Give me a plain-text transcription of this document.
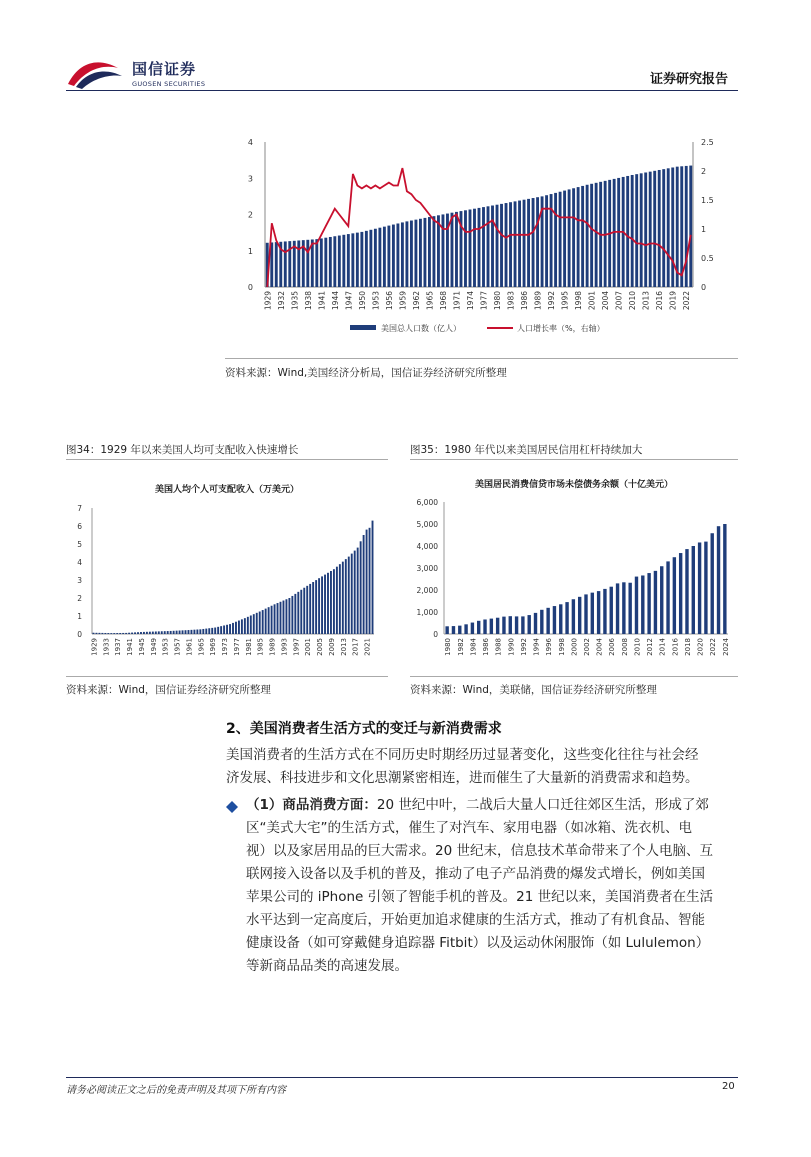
国信证券
GUOSEN SECURITIES	证券研究报告
0
1
2
3
4
0
0.5
1
1.5
2
2.5
1929 1932 1935 1938 1941 1944 1947 1950 1953 1956 1959 1962 1965 1968 1971 1974 1977 1980 1983 1986 1989 1992 1995 1998 2001 2004 2007 2010 2013 2016 2019 2022
美国总人口数（亿人）	人口增长率（%，右轴）
资料来源：Wind,美国经济分析局，国信证券经济研究所整理
图34：1929 年以来美国人均可支配收入快速增长	图35：1980 年代以来美国居民信用杠杆持续加大
美国人均个人可支配收入（万美元）
0
1
2
3
4
5
6
7
1929 1933 1937 1941 1945 1949 1953 1957 1961 1965 1969 1973 1977 1981 1985 1989 1993 1997 2001 2005 2009 2013 2017 2021
美国居民消费信贷市场未偿债务余额（十亿美元）
0
1,000
2,000
3,000
4,000
5,000
6,000
1980 1982 1984 1986 1988 1990 1992 1994 1996 1998 2000 2002 2004 2006 2008 2010 2012 2014 2016 2018 2020 2022 2024
资料来源：Wind，国信证券经济研究所整理	资料来源：Wind，美联储，国信证券经济研究所整理
2、美国消费者生活方式的变迁与新消费需求
美国消费者的生活方式在不同历史时期经历过显著变化，这些变化往往与社会经
济发展、科技进步和文化思潮紧密相连，进而催生了大量新的消费需求和趋势。
（1）商品消费方面：20 世纪中叶，二战后大量人口迁往郊区生活，形成了郊
区“美式大宅”的生活方式，催生了对汽车、家用电器（如冰箱、洗衣机、电
视）以及家居用品的巨大需求。20 世纪末，信息技术革命带来了个人电脑、互
联网接入设备以及手机的普及，推动了电子产品消费的爆发式增长，例如美国
苹果公司的 iPhone 引领了智能手机的普及。21 世纪以来，美国消费者在生活
水平达到一定高度后，开始更加追求健康的生活方式，推动了有机食品、智能
健康设备（如可穿戴健身追踪器 Fitbit）以及运动休闲服饰（如 Lululemon）
等新商品品类的高速发展。
请务必阅读正文之后的免责声明及其项下所有内容	20
